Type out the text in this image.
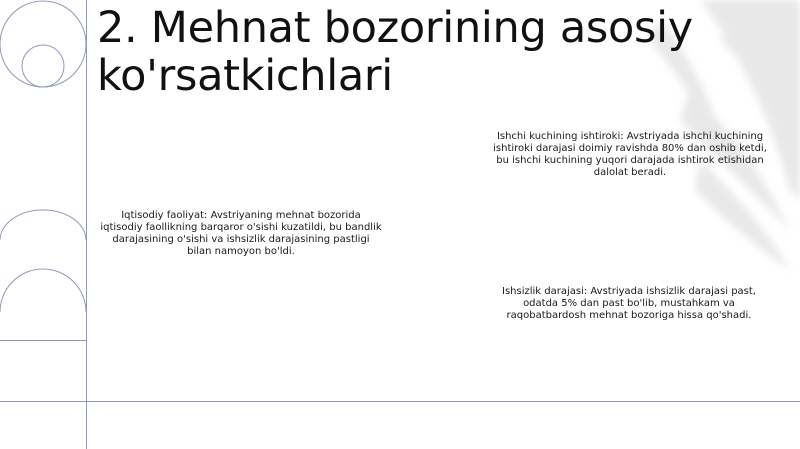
2. Mehnat bozorining asosiy ko'rsatkichlari
Ishchi kuchining ishtiroki: Avstriyada ishchi kuchining ishtiroki darajasi doimiy ravishda 80% dan oshib ketdi, bu ishchi kuchining yuqori darajada ishtirok etishidan dalolat beradi.
Iqtisodiy faoliyat: Avstriyaning mehnat bozorida iqtisodiy faollikning barqaror o'sishi kuzatildi, bu bandlik darajasining o'sishi va ishsizlik darajasining pastligi bilan namoyon bo'ldi.
Ishsizlik darajasi: Avstriyada ishsizlik darajasi past, odatda 5% dan past bo'lib, mustahkam va raqobatbardosh mehnat bozoriga hissa qo'shadi.
